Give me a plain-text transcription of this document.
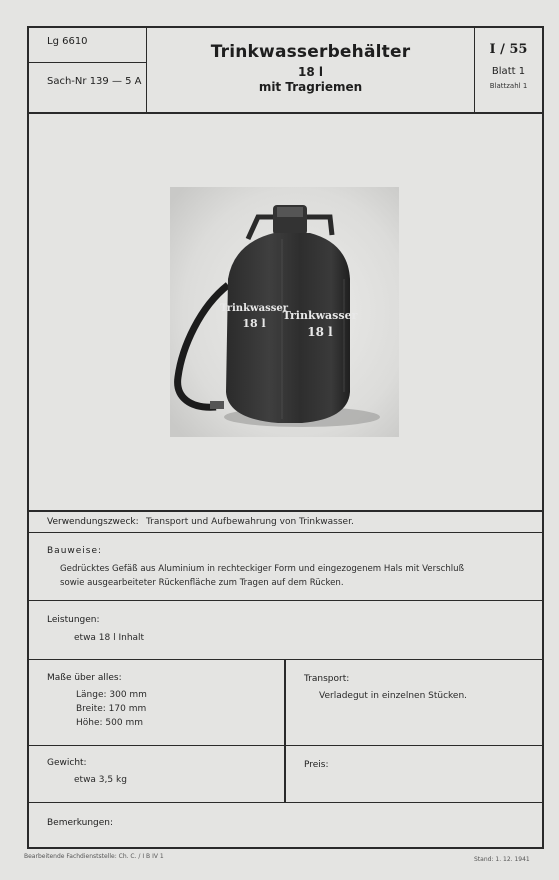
Lg 6610
Sach-Nr 139 — 5 A
Trinkwasserbehälter
18 l
mit Tragriemen
I / 55
Blatt 1
Blattzahl 1
Trinkwasser
18 l
Trinkwasser
18 l
Verwendungszweck: Transport und Aufbewahrung von Trinkwasser.
Bauweise:
Gedrücktes Gefäß aus Aluminium in rechteckiger Form und eingezogenem Hals mit Verschluß
sowie ausgearbeiteter Rückenfläche zum Tragen auf dem Rücken.
Leistungen:
etwa 18 l Inhalt
Maße über alles:
Länge: 300 mm
Breite: 170 mm
Höhe: 500 mm
Transport:
Verladegut in einzelnen Stücken.
Gewicht:
etwa 3,5 kg
Preis:
Bemerkungen:
Bearbeitende Fachdienststelle: Ch. C. / I B IV 1	Stand: 1. 12. 1941
